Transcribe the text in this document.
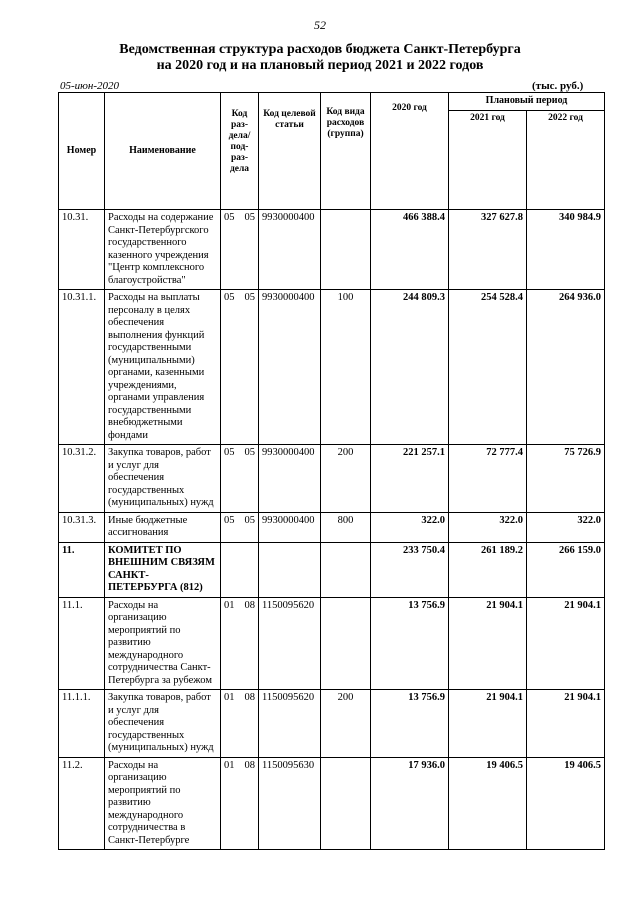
52
Ведомственная структура расходов бюджета Санкт-Петербурга
на 2020 год и на плановый период 2021 и 2022 годов
05-июн-2020	(тыс. руб.)
Номер	Наименование	Код раз- дела/ под- раз- дела	Код целевой статьи	Код вида расходов (группа)	2020 год	Плановый период	
						2021 год	2022 год
10.31.	Расходы на содержание Санкт-Петербургского государственного казенного учреждения "Центр комплексного благоустройства"	05 05	9930000400		466 388.4	327 627.8	340 984.9
10.31.1.	Расходы на выплаты персоналу в целях обеспечения выполнения функций государственными (муниципальными) органами, казенными учреждениями, органами управления государственными внебюджетными фондами	05 05	9930000400	100	244 809.3	254 528.4	264 936.0
10.31.2.	Закупка товаров, работ и услуг для обеспечения государственных (муниципальных) нужд	05 05	9930000400	200	221 257.1	72 777.4	75 726.9
10.31.3.	Иные бюджетные ассигнования	05 05	9930000400	800	322.0	322.0	322.0
11.	КОМИТЕТ ПО ВНЕШНИМ СВЯЗЯМ САНКТ-ПЕТЕРБУРГА (812)				233 750.4	261 189.2	266 159.0
11.1.	Расходы на организацию мероприятий по развитию международного сотрудничества Санкт-Петербурга за рубежом	01 08	1150095620		13 756.9	21 904.1	21 904.1
11.1.1.	Закупка товаров, работ и услуг для обеспечения государственных (муниципальных) нужд	01 08	1150095620	200	13 756.9	21 904.1	21 904.1
11.2.	Расходы на организацию мероприятий по развитию международного сотрудничества в Санкт-Петербурге	01 08	1150095630		17 936.0	19 406.5	19 406.5
